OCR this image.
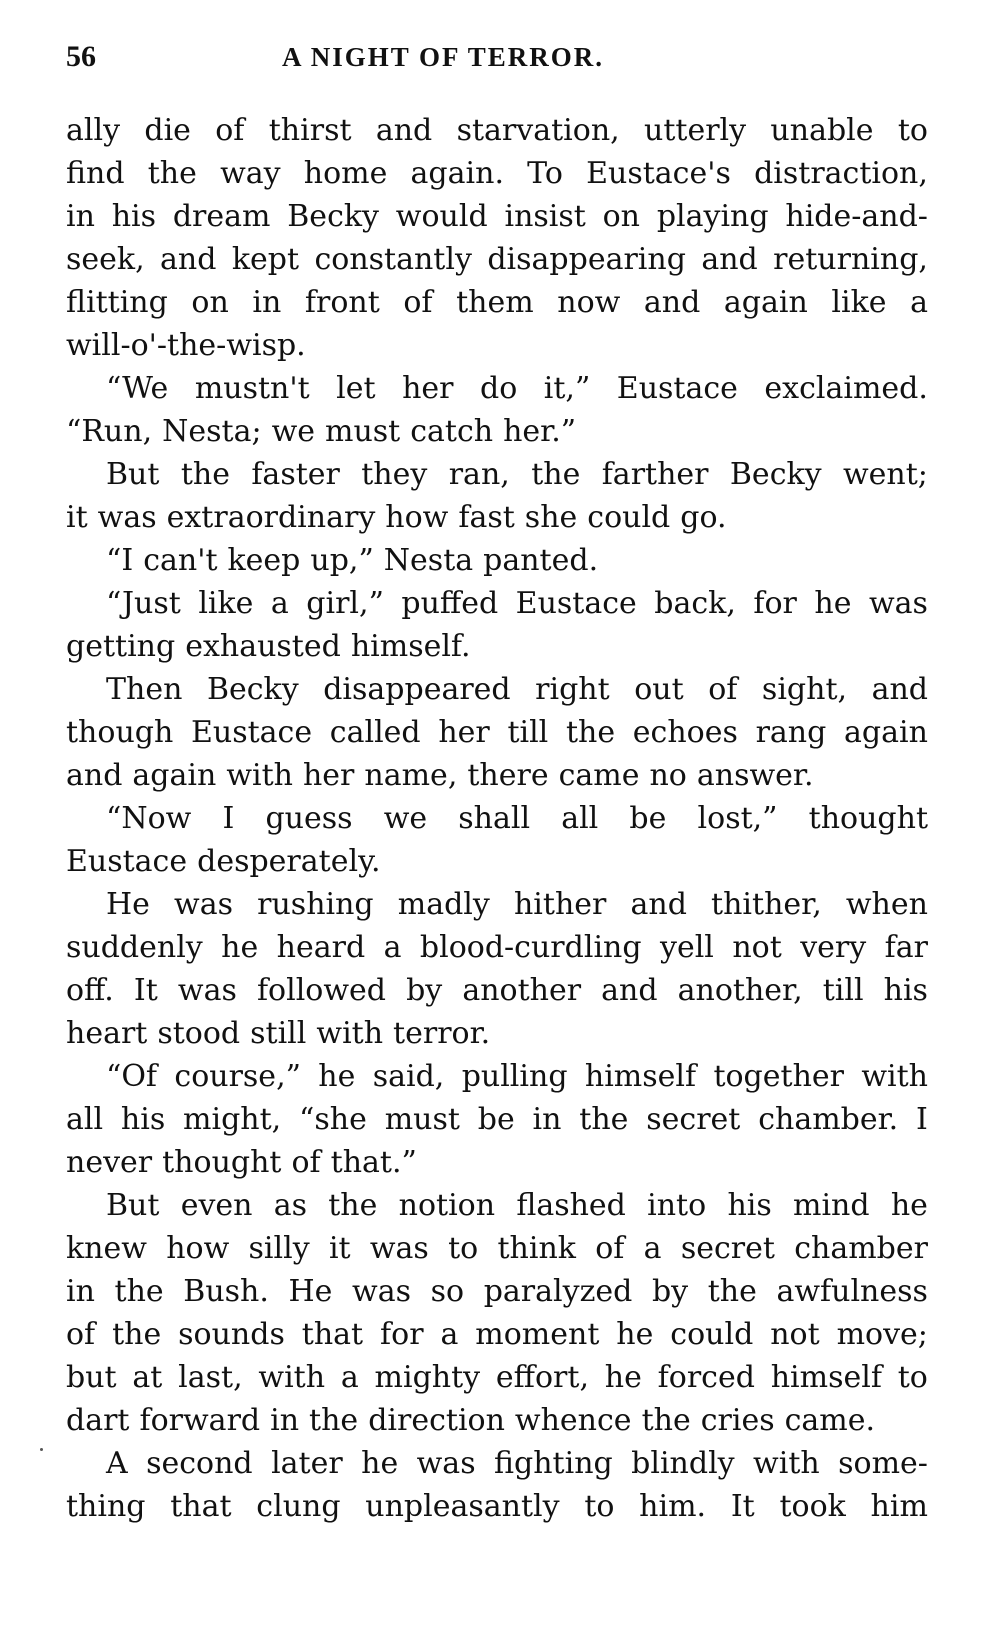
56	A NIGHT OF TERROR.
ally die of thirst and starvation, utterly unable to
find the way home again. To Eustace's distraction,
in his dream Becky would insist on playing hide-and-
seek, and kept constantly disappearing and returning,
flitting on in front of them now and again like a
will-o'-the-wisp.
“We mustn't let her do it,” Eustace exclaimed.
“Run, Nesta; we must catch her.”
But the faster they ran, the farther Becky went;
it was extraordinary how fast she could go.
“I can't keep up,” Nesta panted.
“Just like a girl,” puffed Eustace back, for he was
getting exhausted himself.
Then Becky disappeared right out of sight, and
though Eustace called her till the echoes rang again
and again with her name, there came no answer.
“Now I guess we shall all be lost,” thought
Eustace desperately.
He was rushing madly hither and thither, when
suddenly he heard a blood-curdling yell not very far
off. It was followed by another and another, till his
heart stood still with terror.
“Of course,” he said, pulling himself together with
all his might, “she must be in the secret chamber. I
never thought of that.”
But even as the notion flashed into his mind he
knew how silly it was to think of a secret chamber
in the Bush. He was so paralyzed by the awfulness
of the sounds that for a moment he could not move;
but at last, with a mighty effort, he forced himself to
dart forward in the direction whence the cries came.
A second later he was fighting blindly with some-
thing that clung unpleasantly to him. It took him
